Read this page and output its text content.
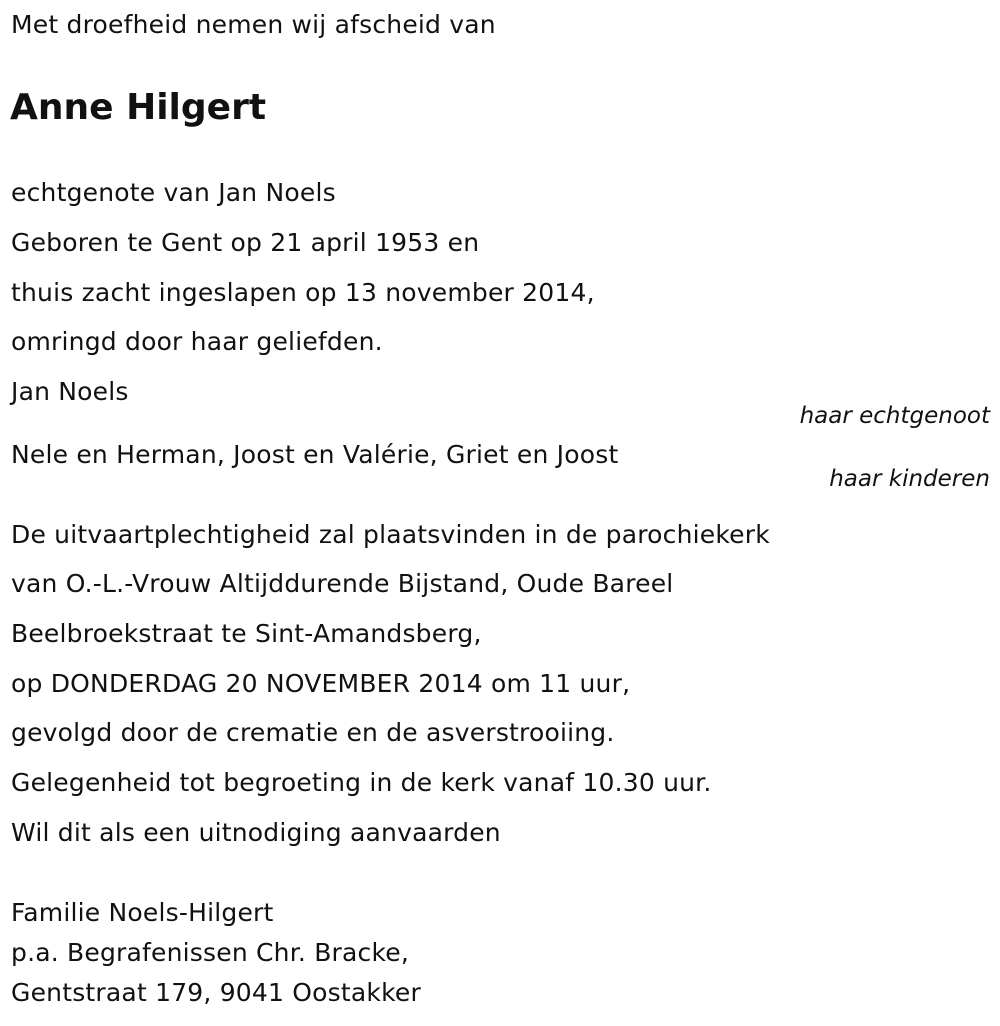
Met droefheid nemen wij afscheid van
Anne Hilgert
echtgenote van Jan Noels
Geboren te Gent op 21 april 1953 en
thuis zacht ingeslapen op 13 november 2014,
omringd door haar geliefden.
Jan Noels
haar echtgenoot
Nele en Herman, Joost en Valérie, Griet en Joost
haar kinderen
De uitvaartplechtigheid zal plaatsvinden in de parochiekerk
van O.-L.-Vrouw Altijddurende Bijstand, Oude Bareel
Beelbroekstraat te Sint-Amandsberg,
op DONDERDAG 20 NOVEMBER 2014 om 11 uur,
gevolgd door de crematie en de asverstrooiing.
Gelegenheid tot begroeting in de kerk vanaf 10.30 uur.
Wil dit als een uitnodiging aanvaarden
Familie Noels-Hilgert
p.a. Begrafenissen Chr. Bracke,
Gentstraat 179, 9041 Oostakker
